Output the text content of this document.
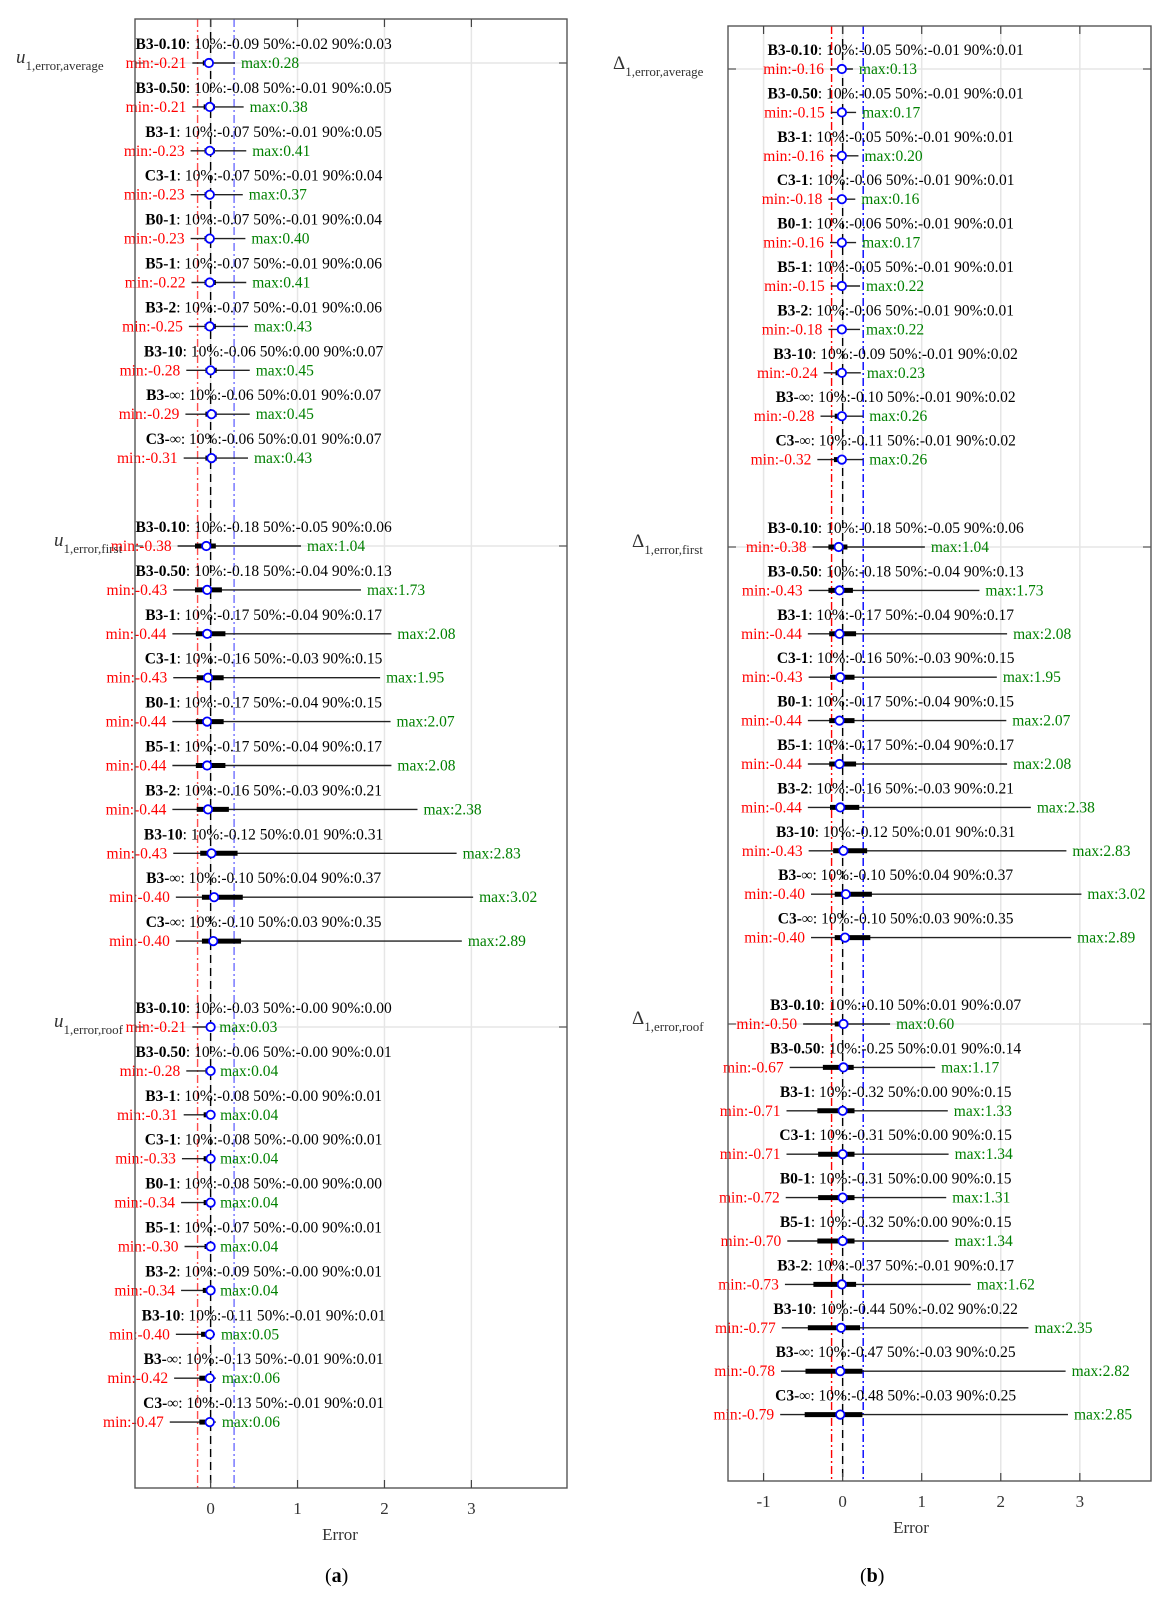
B3-0.10: 10%:-0.09 50%:-0.02 90%:0.03
min:-0.21	max:0.28
B3-0.50: 10%:-0.08 50%:-0.01 90%:0.05
min:-0.21	max:0.38
B3-1: 10%:-0.07 50%:-0.01 90%:0.05
min:-0.23	max:0.41
C3-1: 10%:-0.07 50%:-0.01 90%:0.04
min:-0.23	max:0.37
B0-1: 10%:-0.07 50%:-0.01 90%:0.04
min:-0.23	max:0.40
B5-1: 10%:-0.07 50%:-0.01 90%:0.06
min:-0.22	max:0.41
B3-2: 10%:-0.07 50%:-0.01 90%:0.06
min:-0.25	max:0.43
B3-10: 10%:-0.06 50%:0.00 90%:0.07
min:-0.28	max:0.45
B3-∞: 10%:-0.06 50%:0.01 90%:0.07
min:-0.29	max:0.45
C3-∞: 10%:-0.06 50%:0.01 90%:0.07
min:-0.31	max:0.43
$u_{1,error,average}$
B3-0.10: 10%:-0.18 50%:-0.05 90%:0.06
min:-0.38	max:1.04
B3-0.50: 10%:-0.18 50%:-0.04 90%:0.13
min:-0.43	max:1.73
B3-1: 10%:-0.17 50%:-0.04 90%:0.17
min:-0.44	max:2.08
C3-1: 10%:-0.16 50%:-0.03 90%:0.15
min:-0.43	max:1.95
B0-1: 10%:-0.17 50%:-0.04 90%:0.15
min:-0.44	max:2.07
B5-1: 10%:-0.17 50%:-0.04 90%:0.17
min:-0.44	max:2.08
B3-2: 10%:-0.16 50%:-0.03 90%:0.21
min:-0.44	max:2.38
B3-10: 10%:-0.12 50%:0.01 90%:0.31
min:-0.43	max:2.83
B3-∞: 10%:-0.10 50%:0.04 90%:0.37
min:-0.40	max:3.02
C3-∞: 10%:-0.10 50%:0.03 90%:0.35
min:-0.40	max:2.89
$u_{1,error,first}$
B3-0.10: 10%:-0.03 50%:-0.00 90%:0.00
min:-0.21 max:0.03
B3-0.50: 10%:-0.06 50%:-0.00 90%:0.01
min:-0.28	max:0.04
B3-1: 10%:-0.08 50%:-0.00 90%:0.01
min:-0.31	max:0.04
C3-1: 10%:-0.08 50%:-0.00 90%:0.01
min:-0.33	max:0.04
B0-1: 10%:-0.08 50%:-0.00 90%:0.00
min:-0.34	max:0.04
B5-1: 10%:-0.07 50%:-0.00 90%:0.01
min:-0.30	max:0.04
B3-2: 10%:-0.09 50%:-0.00 90%:0.01
min:-0.34	max:0.04
B3-10: 10%:-0.11 50%:-0.01 90%:0.01
min:-0.40	max:0.05
B3-∞: 10%:-0.13 50%:-0.01 90%:0.01
min:-0.42	max:0.06
C3-∞: 10%:-0.13 50%:-0.01 90%:0.01
min:-0.47	max:0.06
$u_{1,error,roof}$
0	1	2	3
Error
B3-0.10: 10%:-0.05 50%:-0.01 90%:0.01
min:-0.16 max:0.13
B3-0.50: 10%:-0.05 50%:-0.01 90%:0.01
min:-0.15 max:0.17
B3-1: 10%:-0.05 50%:-0.01 90%:0.01
min:-0.16	max:0.20
C3-1: 10%:-0.06 50%:-0.01 90%:0.01
min:-0.18	max:0.16
B0-1: 10%:-0.06 50%:-0.01 90%:0.01
min:-0.16 max:0.17
B5-1: 10%:-0.05 50%:-0.01 90%:0.01
min:-0.15	max:0.22
B3-2: 10%:-0.06 50%:-0.01 90%:0.01
min:-0.18	max:0.22
B3-10: 10%:-0.09 50%:-0.01 90%:0.02
min:-0.24	max:0.23
B3-∞: 10%:-0.10 50%:-0.01 90%:0.02
min:-0.28	max:0.26
C3-∞: 10%:-0.11 50%:-0.01 90%:0.02
min:-0.32	max:0.26
$\Delta_{1,error,average}$
B3-0.10: 10%:-0.18 50%:-0.05 90%:0.06
min:-0.38	max:1.04
B3-0.50: 10%:-0.18 50%:-0.04 90%:0.13
min:-0.43	max:1.73
B3-1: 10%:-0.17 50%:-0.04 90%:0.17
min:-0.44	max:2.08
C3-1: 10%:-0.16 50%:-0.03 90%:0.15
min:-0.43	max:1.95
B0-1: 10%:-0.17 50%:-0.04 90%:0.15
min:-0.44	max:2.07
B5-1: 10%:-0.17 50%:-0.04 90%:0.17
min:-0.44	max:2.08
B3-2: 10%:-0.16 50%:-0.03 90%:0.21
min:-0.44	max:2.38
B3-10: 10%:-0.12 50%:0.01 90%:0.31
min:-0.43	max:2.83
B3-∞: 10%:-0.10 50%:0.04 90%:0.37
min:-0.40	max:3.02
C3-∞: 10%:-0.10 50%:0.03 90%:0.35
min:-0.40	max:2.89
$\Delta_{1,error,first}$
B3-0.10: 10%:-0.10 50%:0.01 90%:0.07
min:-0.50	max:0.60
B3-0.50: 10%:-0.25 50%:0.01 90%:0.14
min:-0.67	max:1.17
B3-1: 10%:-0.32 50%:0.00 90%:0.15
min:-0.71	max:1.33
C3-1: 10%:-0.31 50%:0.00 90%:0.15
min:-0.71	max:1.34
B0-1: 10%:-0.31 50%:0.00 90%:0.15
min:-0.72	max:1.31
B5-1: 10%:-0.32 50%:0.00 90%:0.15
min:-0.70	max:1.34
B3-2: 10%:-0.37 50%:-0.01 90%:0.17
min:-0.73	max:1.62
B3-10: 10%:-0.44 50%:-0.02 90%:0.22
min:-0.77	max:2.35
B3-∞: 10%:-0.47 50%:-0.03 90%:0.25
min:-0.78	max:2.82
C3-∞: 10%:-0.48 50%:-0.03 90%:0.25
min:-0.79	max:2.85
$\Delta_{1,error,roof}$
-1	0	1	2	3
Error
(a)	(b)
